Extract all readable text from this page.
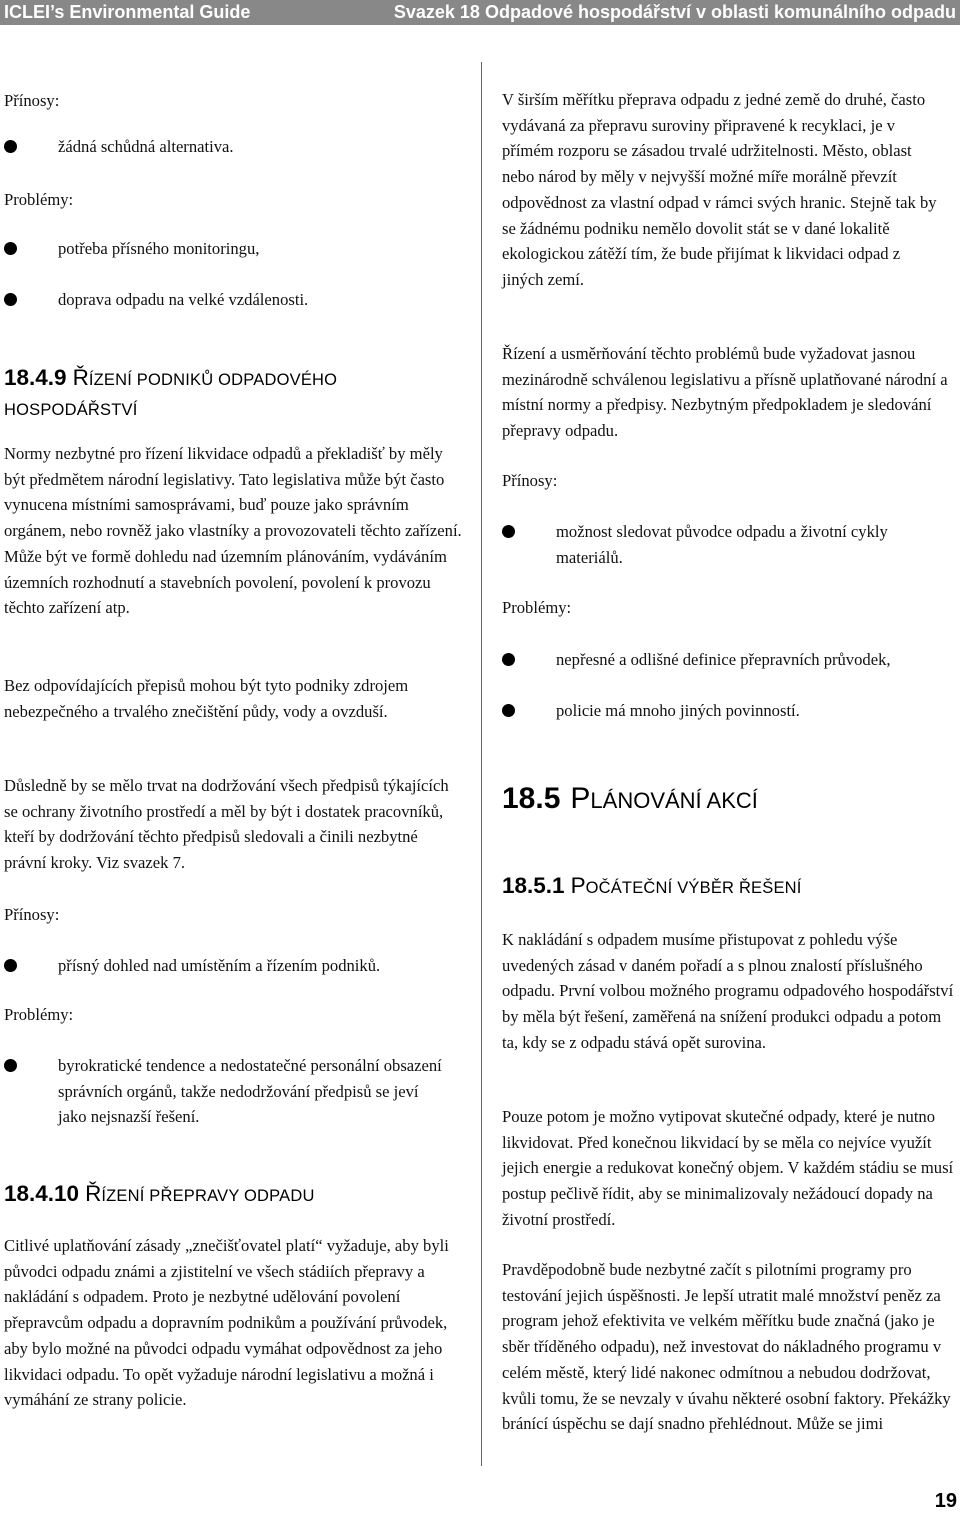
ICLEI’s Environmental Guide	Svazek 18 Odpadové hospodářství v oblasti komunálního odpadu
Přínosy:
žádná schůdná alternativa.
Problémy:
potřeba přísného monitoringu,
doprava odpadu na velké vzdálenosti.
18.4.9 ŘÍZENÍ PODNIKŮ ODPADOVÉHO
HOSPODÁŘSTVÍ
Normy nezbytné pro řízení likvidace odpadů a překladišť by měly být předmětem národní legislativy. Tato legislativa může být často vynucena místními samosprávami, buď pouze jako správním orgánem, nebo rovněž jako vlastníky a provozovateli těchto zařízení. Může být ve formě dohledu nad územním plánováním, vydáváním územních rozhodnutí a stavebních povolení, povolení k provozu těchto zařízení atp.
Bez odpovídajících přepisů mohou být tyto podniky zdrojem nebezpečného a trvalého znečištění půdy, vody a ovzduší.
Důsledně by se mělo trvat na dodržování všech předpisů týkajících se ochrany životního prostředí a měl by být i dostatek pracovníků, kteří by dodržování těchto předpisů sledovali a činili nezbytné právní kroky. Viz svazek 7.
Přínosy:
přísný dohled nad umístěním a řízením podniků.
Problémy:
byrokratické tendence a nedostatečné personální obsazení správních orgánů, takže nedodržování předpisů se jeví jako nejsnazší řešení.
18.4.10 ŘÍZENÍ PŘEPRAVY ODPADU
Citlivé uplatňování zásady „znečišťovatel platí“ vyžaduje, aby byli původci odpadu známi a zjistitelní ve všech stádiích přepravy a nakládání s odpadem. Proto je nezbytné udělování povolení přepravcům odpadu a dopravním podnikům a používání průvodek, aby bylo možné na původci odpadu vymáhat odpovědnost za jeho likvidaci odpadu. To opět vyžaduje národní legislativu a možná i vymáhání ze strany policie.
V širším měřítku přeprava odpadu z jedné země do druhé, často vydávaná za přepravu suroviny připravené k recyklaci, je v přímém rozporu se zásadou trvalé udržitelnosti. Město, oblast nebo národ by měly v nejvyšší možné míře morálně převzít odpovědnost za vlastní odpad v rámci svých hranic. Stejně tak by se žádnému podniku nemělo dovolit stát se v dané lokalitě ekologickou zátěží tím, že bude přijímat k likvidaci odpad z jiných zemí.
Řízení a usměrňování těchto problémů bude vyžadovat jasnou mezinárodně schválenou legislativu a přísně uplatňované národní a místní normy a předpisy. Nezbytným předpokladem je sledování přepravy odpadu.
Přínosy:
možnost sledovat původce odpadu a životní cykly materiálů.
Problémy:
nepřesné a odlišné definice přepravních průvodek,
policie má mnoho jiných povinností.
18.5 PLÁNOVÁNÍ AKCÍ
18.5.1 POČÁTEČNÍ VÝBĚR ŘEŠENÍ
K nakládání s odpadem musíme přistupovat z pohledu výše uvedených zásad v daném pořadí a s plnou znalostí příslušného odpadu. První volbou možného programu odpadového hospodářství by měla být řešení, zaměřená na snížení produkci odpadu a potom ta, kdy se z odpadu stává opět surovina.
Pouze potom je možno vytipovat skutečné odpady, které je nutno likvidovat. Před konečnou likvidací by se měla co nejvíce využít jejich energie a redukovat konečný objem. V každém stádiu se musí postup pečlivě řídit, aby se minimalizovaly nežádoucí dopady na životní prostředí.
Pravděpodobně bude nezbytné začít s pilotními programy pro testování jejich úspěšnosti. Je lepší utratit malé množství peněz za program jehož efektivita ve velkém měřítku bude značná (jako je sběr tříděného odpadu), než investovat do nákladného programu v celém městě, který lidé nakonec odmítnou a nebudou dodržovat, kvůli tomu, že se nevzaly v úvahu některé osobní faktory. Překážky bránící úspěchu se dají snadno přehlédnout. Může se jimi
19
